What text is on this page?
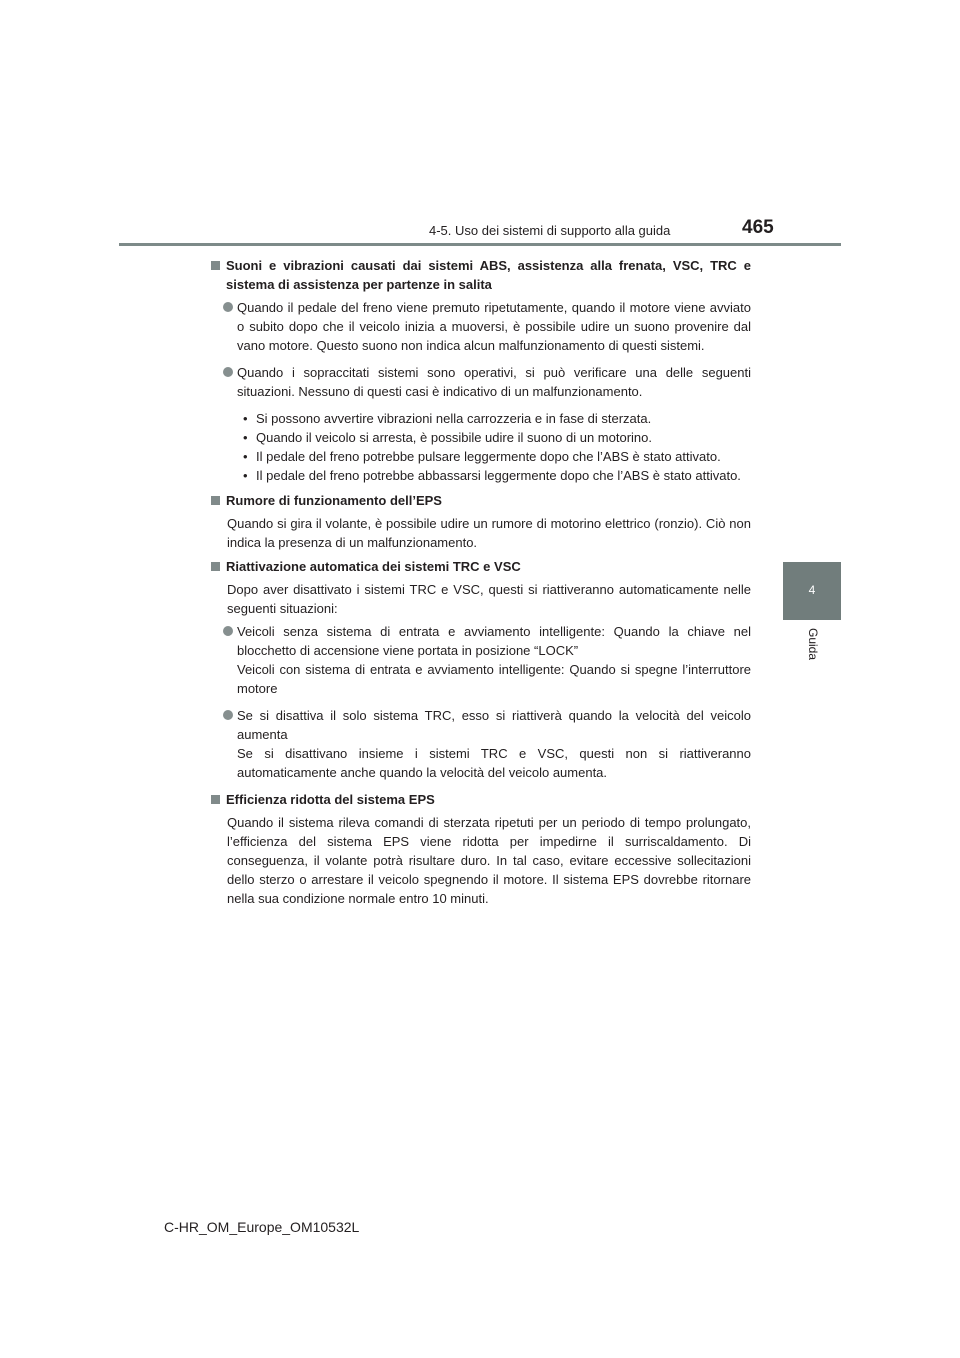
4-5. Uso dei sistemi di supporto alla guida	465
4
Guida
Suoni e vibrazioni causati dai sistemi ABS, assistenza alla frenata, VSC, TRC e sistema di assistenza per partenze in salita
Quando il pedale del freno viene premuto ripetutamente, quando il motore viene avviato o subito dopo che il veicolo inizia a muoversi, è possibile udire un suono provenire dal vano motore. Questo suono non indica alcun malfunzionamento di questi sistemi.
Quando i sopraccitati sistemi sono operativi, si può verificare una delle seguenti situazioni. Nessuno di questi casi è indicativo di un malfunzionamento.
• Si possono avvertire vibrazioni nella carrozzeria e in fase di sterzata.
• Quando il veicolo si arresta, è possibile udire il suono di un motorino.
• Il pedale del freno potrebbe pulsare leggermente dopo che l’ABS è stato attivato.
• Il pedale del freno potrebbe abbassarsi leggermente dopo che l’ABS è stato attivato.
Rumore di funzionamento dell’EPS

Quando si gira il volante, è possibile udire un rumore di motorino elettrico (ronzio). Ciò non indica la presenza di un malfunzionamento.

Riattivazione automatica dei sistemi TRC e VSC

Dopo aver disattivato i sistemi TRC e VSC, questi si riattiveranno automaticamente nelle seguenti situazioni:

Veicoli senza sistema di entrata e avviamento intelligente: Quando la chiave nel blocchetto di accensione viene portata in posizione “LOCK”
Veicoli con sistema di entrata e avviamento intelligente: Quando si spegne l’interruttore motore
Se si disattiva il solo sistema TRC, esso si riattiverà quando la velocità del veicolo aumenta
Se si disattivano insieme i sistemi TRC e VSC, questi non si riattiveranno automaticamente anche quando la velocità del veicolo aumenta.
Efficienza ridotta del sistema EPS

Quando il sistema rileva comandi di sterzata ripetuti per un periodo di tempo prolungato, l’efficienza del sistema EPS viene ridotta per impedirne il surriscaldamento. Di conseguenza, il volante potrà risultare duro. In tal caso, evitare eccessive sollecitazioni dello sterzo o arrestare il veicolo spegnendo il motore. Il sistema EPS dovrebbe ritornare nella sua condizione normale entro 10 minuti.

C-HR_OM_Europe_OM10532L
